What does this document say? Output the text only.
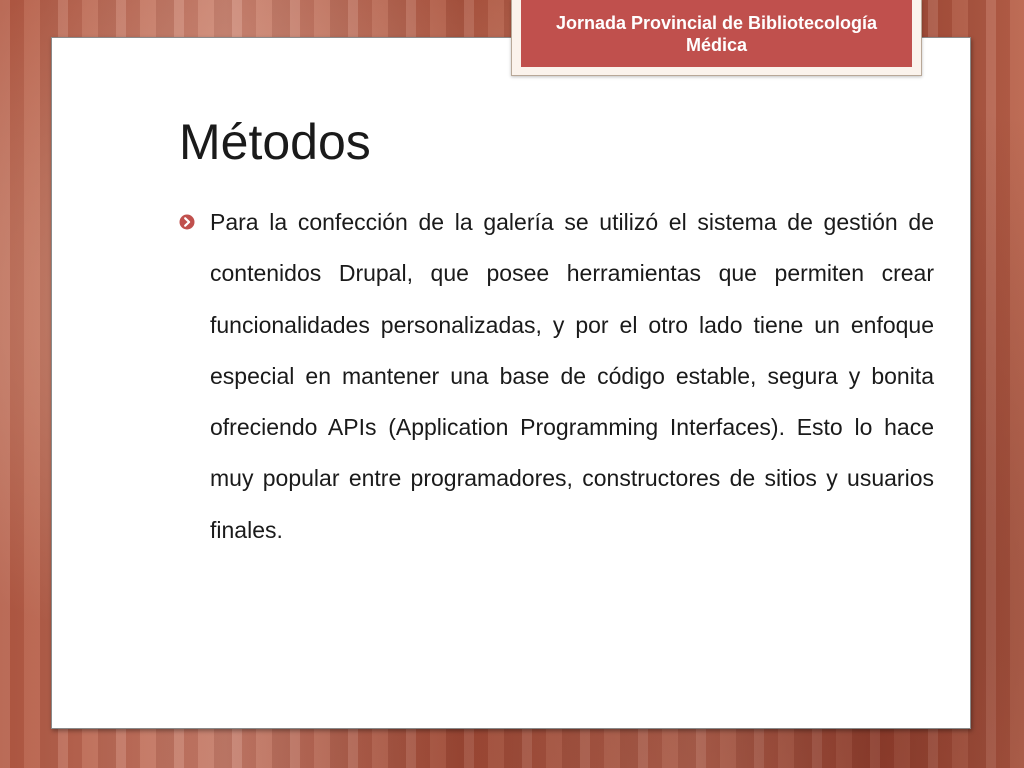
Métodos

Para la confección de la galería se utilizó el sistema de gestión de contenidos Drupal, que posee herramientas que permiten crear funcionalidades personalizadas, y por el otro lado tiene un enfoque especial en mantener una base de código estable, segura y bonita ofreciendo APIs (Application Programming Interfaces). Esto lo hace muy popular entre programadores, constructores de sitios y usuarios finales.

Jornada Provincial de Bibliotecología Médica
